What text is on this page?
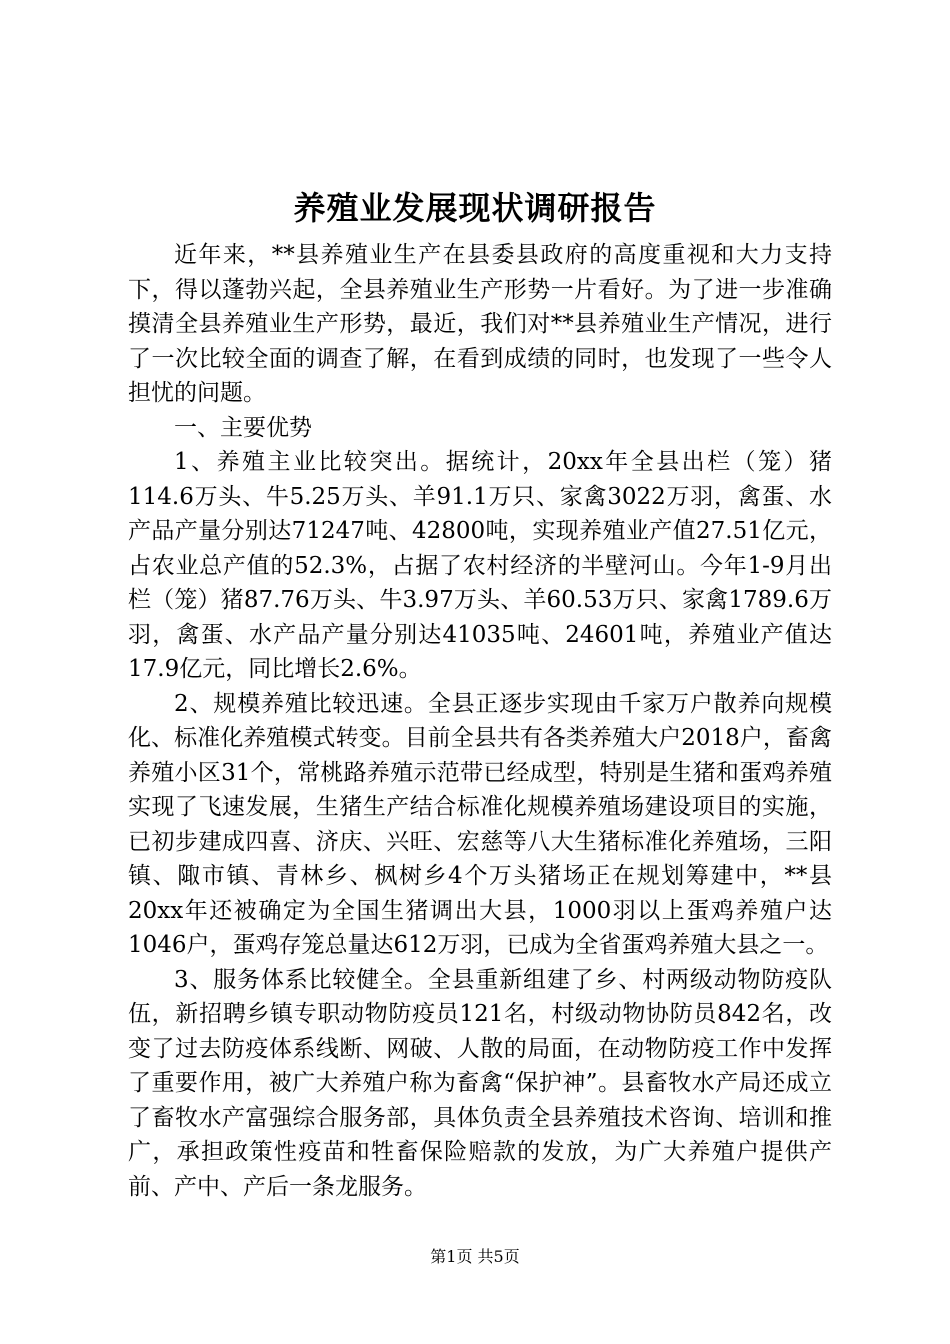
养殖业发展现状调研报告

近年来，**县养殖业生产在县委县政府的高度重视和大力支持下，得以蓬勃兴起，全县养殖业生产形势一片看好。为了进一步准确摸清全县养殖业生产形势，最近，我们对**县养殖业生产情况，进行了一次比较全面的调查了解，在看到成绩的同时，也发现了一些令人担忧的问题。

一、主要优势

1、养殖主业比较突出。据统计，20xx年全县出栏（笼）猪114.6万头、牛5.25万头、羊91.1万只、家禽3022万羽，禽蛋、水产品产量分别达71247吨、42800吨，实现养殖业产值27.51亿元，占农业总产值的52.3%，占据了农村经济的半壁河山。今年1-9月出栏（笼）猪87.76万头、牛3.97万头、羊60.53万只、家禽1789.6万羽，禽蛋、水产品产量分别达41035吨、24601吨，养殖业产值达17.9亿元，同比增长2.6%。

2、规模养殖比较迅速。全县正逐步实现由千家万户散养向规模化、标准化养殖模式转变。目前全县共有各类养殖大户2018户，畜禽养殖小区31个，常桃路养殖示范带已经成型，特别是生猪和蛋鸡养殖实现了飞速发展，生猪生产结合标准化规模养殖场建设项目的实施，已初步建成四喜、济庆、兴旺、宏慈等八大生猪标准化养殖场，三阳镇、陬市镇、青林乡、枫树乡4个万头猪场正在规划筹建中，**县20xx年还被确定为全国生猪调出大县，1000羽以上蛋鸡养殖户达1046户，蛋鸡存笼总量达612万羽，已成为全省蛋鸡养殖大县之一。

3、服务体系比较健全。全县重新组建了乡、村两级动物防疫队伍，新招聘乡镇专职动物防疫员121名，村级动物协防员842名，改变了过去防疫体系线断、网破、人散的局面，在动物防疫工作中发挥了重要作用，被广大养殖户称为畜禽“保护神”。县畜牧水产局还成立了畜牧水产富强综合服务部，具体负责全县养殖技术咨询、培训和推广，承担政策性疫苗和牲畜保险赔款的发放，为广大养殖户提供产前、产中、产后一条龙服务。

第1页 共5页
